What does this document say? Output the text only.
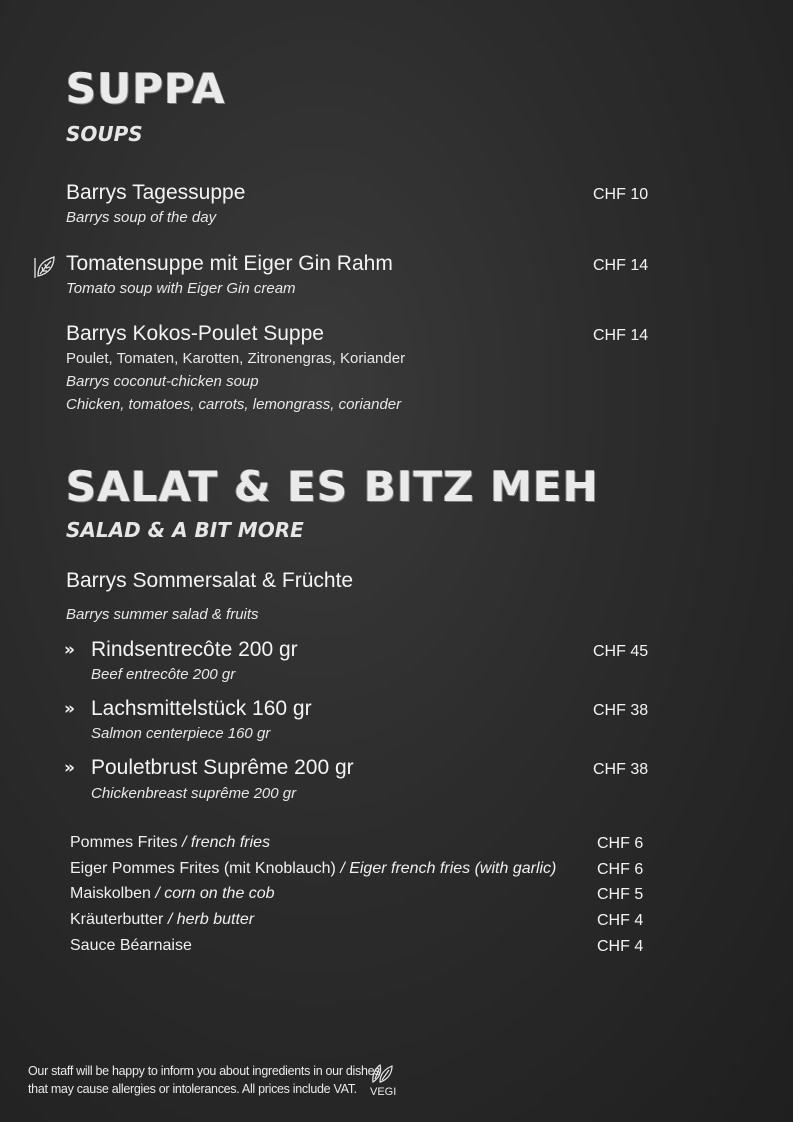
SUPPA
SOUPS
Barrys Tagessuppe	CHF 10
Barrys soup of the day
Tomatensuppe mit Eiger Gin Rahm	CHF 14
Tomato soup with Eiger Gin cream
Barrys Kokos-Poulet Suppe	CHF 14
Poulet, Tomaten, Karotten, Zitronengras, Koriander
Barrys coconut-chicken soup
Chicken, tomatoes, carrots, lemongrass, coriander
SALAT & ES BITZ MEH
SALAD & A BIT MORE
Barrys Sommersalat & Früchte
Barrys summer salad & fruits
» Rindsentrecôte 200 gr	CHF 45
Beef entrecôte 200 gr
» Lachsmittelstück 160 gr	CHF 38
Salmon centerpiece 160 gr
» Pouletbrust Suprême 200 gr	CHF 38
Chickenbreast suprême 200 gr
Pommes Frites / french fries	CHF 6
Eiger Pommes Frites (mit Knoblauch) / Eiger french fries (with garlic)	CHF 6
Maiskolben / corn on the cob	CHF 5
Kräuterbutter / herb butter	CHF 4
Sauce Béarnaise	CHF 4
Our staff will be happy to inform you about ingredients in our dishes
that may cause allergies or intolerances. All prices include VAT.	VEGI
